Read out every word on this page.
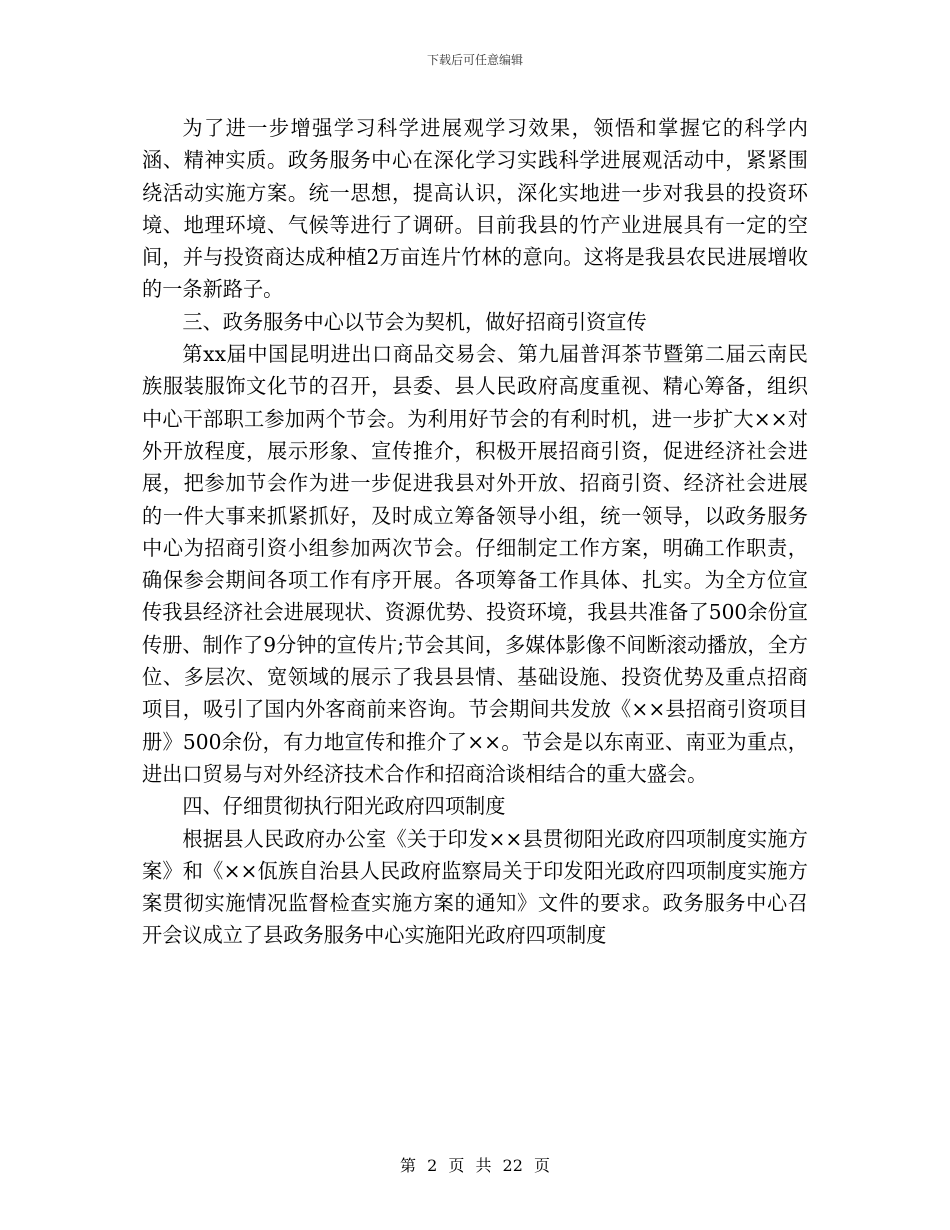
下载后可任意编辑

为了进一步增强学习科学进展观学习效果，领悟和掌握它的科学内涵、精神实质。政务服务中心在深化学习实践科学进展观活动中，紧紧围绕活动实施方案。统一思想，提高认识，深化实地进一步对我县的投资环境、地理环境、气候等进行了调研。目前我县的竹产业进展具有一定的空间，并与投资商达成种植2万亩连片竹林的意向。这将是我县农民进展增收的一条新路子。

三、政务服务中心以节会为契机，做好招商引资宣传

第xx届中国昆明进出口商品交易会、第九届普洱茶节暨第二届云南民族服装服饰文化节的召开，县委、县人民政府高度重视、精心筹备，组织中心干部职工参加两个节会。为利用好节会的有利时机，进一步扩大××对外开放程度，展示形象、宣传推介，积极开展招商引资，促进经济社会进展，把参加节会作为进一步促进我县对外开放、招商引资、经济社会进展的一件大事来抓紧抓好，及时成立筹备领导小组，统一领导，以政务服务中心为招商引资小组参加两次节会。仔细制定工作方案，明确工作职责，确保参会期间各项工作有序开展。各项筹备工作具体、扎实。为全方位宣传我县经济社会进展现状、资源优势、投资环境，我县共准备了500余份宣传册、制作了9分钟的宣传片;节会其间，多媒体影像不间断滚动播放，全方位、多层次、宽领域的展示了我县县情、基础设施、投资优势及重点招商项目，吸引了国内外客商前来咨询。节会期间共发放《××县招商引资项目册》500余份，有力地宣传和推介了××。节会是以东南亚、南亚为重点，进出口贸易与对外经济技术合作和招商洽谈相结合的重大盛会。

四、仔细贯彻执行阳光政府四项制度

根据县人民政府办公室《关于印发××县贯彻阳光政府四项制度实施方案》和《××佤族自治县人民政府监察局关于印发阳光政府四项制度实施方案贯彻实施情况监督检查实施方案的通知》文件的要求。政务服务中心召开会议成立了县政务服务中心实施阳光政府四项制度

第 2 页 共 22 页
